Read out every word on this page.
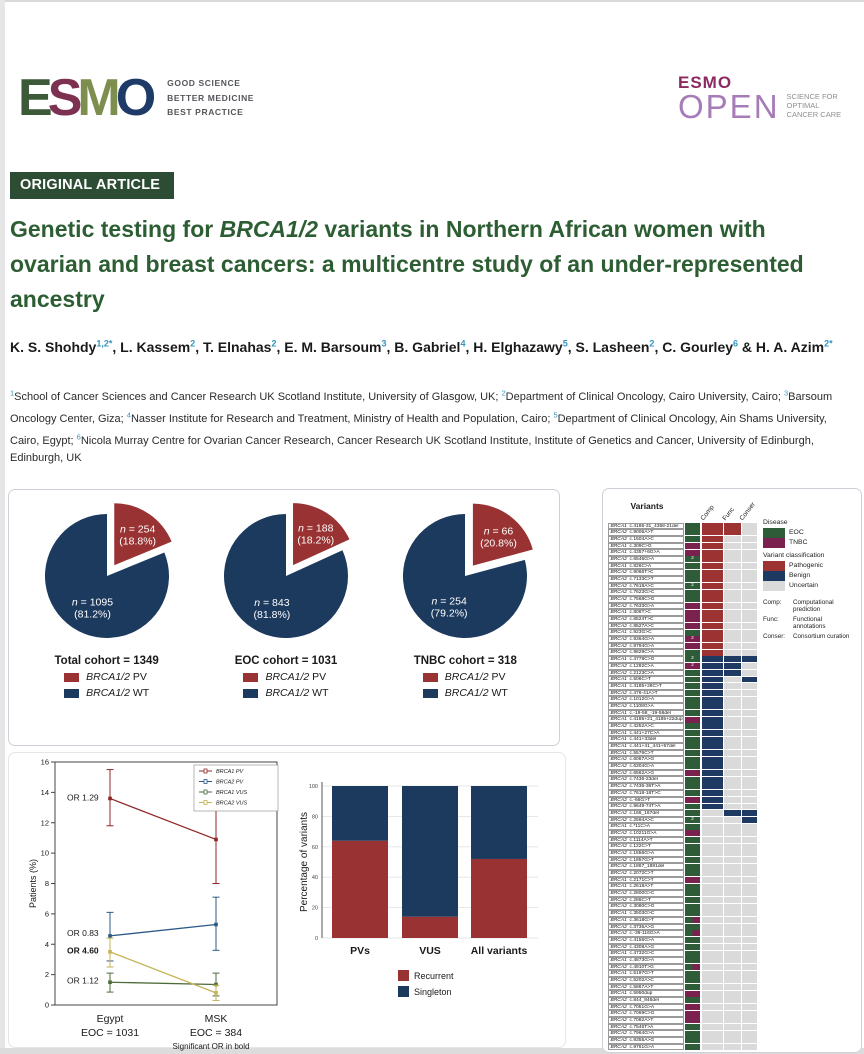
ESMO GOOD SCIENCE
BETTER MEDICINE
BEST PRACTICE
ESMO
OPEN SCIENCE FOR OPTIMAL
CANCER CARE
ORIGINAL ARTICLE
Genetic testing for BRCA1/2 variants in Northern African women with ovarian and breast cancers: a multicentre study of an under-represented ancestry
K. S. Shohdy$^{1,2*}$, L. Kassem$^2$, T. Elnahas$^2$, E. M. Barsoum$^3$, B. Gabriel$^4$, H. Elghazawy$^5$, S. Lasheen$^2$, C. Gourley$^6$ & H. A. Azim$^{2*}$
$^1$School of Cancer Sciences and Cancer Research UK Scotland Institute, University of Glasgow, UK; $^2$Department of Clinical Oncology, Cairo University, Cairo; $^3$Barsoum Oncology Center, Giza; $^4$Nasser Institute for Research and Treatment, Ministry of Health and Population, Cairo; $^5$Department of Clinical Oncology, Ain Shams University, Cairo, Egypt; $^6$Nicola Murray Centre for Ovarian Cancer Research, Cancer Research UK Scotland Institute, Institute of Genetics and Cancer, University of Edinburgh, Edinburgh, UK
n = 254
(18.8%)
n = 1095
(81.2%)
Total cohort = 1349
BRCA1/2 PV
BRCA1/2 WT
n = 188
(18.2%)
n = 843
(81.8%)
EOC cohort = 1031
BRCA1/2 PV
BRCA1/2 WT
n = 66
(20.8%)
n = 254
(79.2%)
TNBC cohort = 318
BRCA1/2 PV
BRCA1/2 WT
0
2
4
6
8
10
12
14
16
Patients (%)
OR 1.29
OR 0.83
OR 1.12
OR 4.60
BRCA1 PV
BRCA2 PV
BRCA1 VUS
BRCA2 VUS
Egypt
EOC = 1031
MSK
EOC = 384
Significant OR in bold
0
20
40
60
80
100
Percentage of variants
PVs	VUS	All variants
Recurrent
Singleton
Variants	Comp Func Conser
BRCA1  c.4186-31_4358-21del
BRCA2  c.9006A>T
BRCA2  c.1504A>C
BRCA1  c.309C>G
BRCA1  c.4357+6G>A
BRCA2  c.6546G>A	2
BRCA1  c.826C>A
BRCA2  c.9066T>C
BRCA2  c.7133C>T
BRCA2  c.7618A>C	2
BRCA2  c.7623G>C
BRCA2  c.7568C>G
BRCA2  c.7633G>A
BRCA1  c.806T>C
BRCA2  c.8524T>C
BRCA2  c.8527A>C
BRCA1  c.923G>C
BRCA2  c.9364G>A	2
BRCA2  c.9794G>A
BRCA2  c.9829C>A
BRCA1  c.4778C>G	2
BRCA2  c.1292C>A	2
BRCA2  c.2123C>A
BRCA1  c.506C>T
BRCA1  c.4185+28C>T
BRCA2  c.476-41A>T
BRCA2  c.1012G>A
BRCA2  c.1108G>A
BRCA1  c.-19-58_-19-56del
BRCA1  c.4185+21_4185+22dup
BRCA2  c.4252A>C
BRCA1  c.441+27C>A
BRCA1  c.441+33del
BRCA1  c.441+41_441+57del
BRCA1  c.5576C>T
BRCA2  c.6067A>G
BRCA2  c.6304G>A
BRCA2  c.6562A>G
BRCA2  c.7436-23del
BRCA2  c.7436-36T>A
BRCA2  c.7618-18T>C
BRCA2  c.-66G>T
BRCA2  c.9649-74T>A
BRCA2  c.166_167del
BRCA2  c.2594A>C	2
BRCA1  c.*11C>A
BRCA2  c.10211G>A
BRCA2  c.1114A>T
BRCA2  c.122C>T
BRCA2  c.1556G>A
BRCA2  c.1857G>T
BRCA2  c.1867_1881del
BRCA2  c.2072C>T
BRCA1  c.2171C>T
BRCA1  c.2518A>T
BRCA2  c.2800G>C
BRCA2  c.286C>T
BRCA2  c.3080C>G
BRCA1  c.3503G>C
BRCA1  c.3618G>T
BRCA2  c.3736A>G
BRCA2  c.-39-116G>A
BRCA2  c.4156G>A
BRCA2  c.4308A>G
BRCA1  c.4732G>C
BRCA1  c.4873G>A
BRCA2  c.4910T>G
BRCA1  c.5197G>T
BRCA2  c.5202A>C
BRCA2  c.5867A>T
BRCA1  c.5950dup
BRCA2  c.844_846del
BRCA2  c.7051G>A
BRCA2  c.7069C>G
BRCA2  c.7082A>T
BRCA2  c.7546T>A
BRCA2  c.7964G>A
BRCA2  c.9355A>G
BRCA2  c.9761G>A
Disease
EOC
TNBC
Variant classification
Pathogenic
Benign
Uncertain
Comp:	Computational prediction
Func:	Functional annotations
Conser:	Consortium curation
